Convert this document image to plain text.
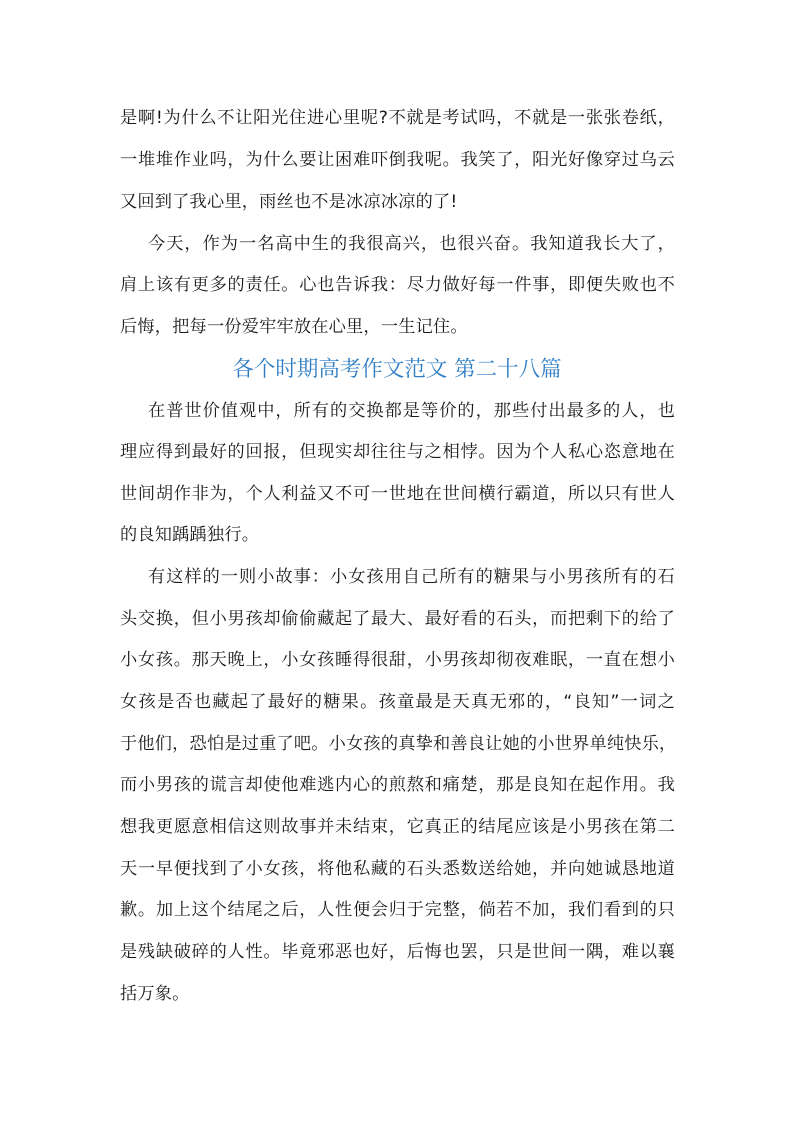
是啊!为什么不让阳光住进心里呢?不就是考试吗，不就是一张张卷纸，
一堆堆作业吗，为什么要让困难吓倒我呢。我笑了，阳光好像穿过乌云
又回到了我心里，雨丝也不是冰凉冰凉的了!
今天，作为一名高中生的我很高兴，也很兴奋。我知道我长大了，
肩上该有更多的责任。心也告诉我：尽力做好每一件事，即便失败也不
后悔，把每一份爱牢牢放在心里，一生记住。
各个时期高考作文范文 第二十八篇
在普世价值观中，所有的交换都是等价的，那些付出最多的人，也
理应得到最好的回报，但现实却往往与之相悖。因为个人私心恣意地在
世间胡作非为，个人利益又不可一世地在世间横行霸道，所以只有世人
的良知踽踽独行。
有这样的一则小故事：小女孩用自己所有的糖果与小男孩所有的石
头交换，但小男孩却偷偷藏起了最大、最好看的石头，而把剩下的给了
小女孩。那天晚上，小女孩睡得很甜，小男孩却彻夜难眠，一直在想小
女孩是否也藏起了最好的糖果。孩童最是天真无邪的，“良知”一词之
于他们，恐怕是过重了吧。小女孩的真挚和善良让她的小世界单纯快乐，
而小男孩的谎言却使他难逃内心的煎熬和痛楚，那是良知在起作用。我
想我更愿意相信这则故事并未结束，它真正的结尾应该是小男孩在第二
天一早便找到了小女孩，将他私藏的石头悉数送给她，并向她诚恳地道
歉。加上这个结尾之后，人性便会归于完整，倘若不加，我们看到的只
是残缺破碎的人性。毕竟邪恶也好，后悔也罢，只是世间一隅，难以襄
括万象。
